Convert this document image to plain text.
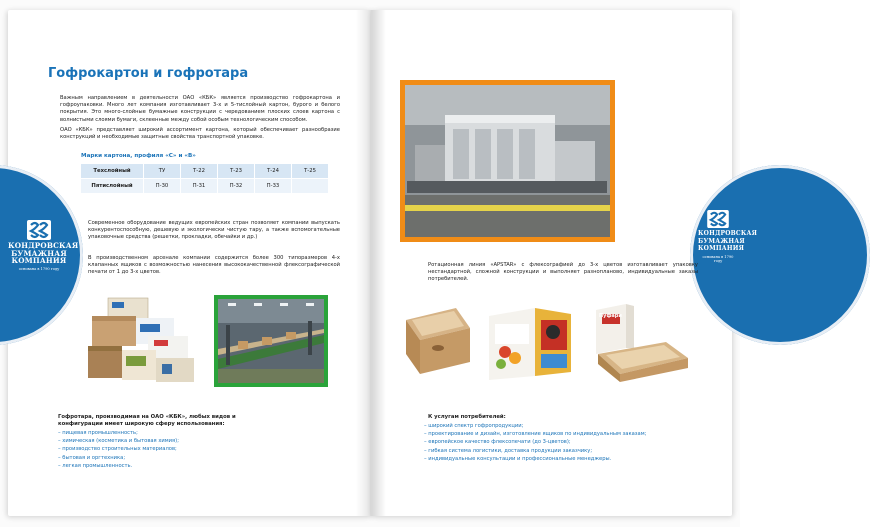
КОНДРОВСКАЯ
БУМАЖНАЯ
КОМПАНИЯ
основана в 1790 году
КОНДРОВСКАЯ
БУМАЖНАЯ
КОМПАНИЯ
основана в 1790 году
Гофрокартон и гофротара

Важным направлением в деятельности ОАО «КБК» является производство гофрокартона и гофроупаковки. Много лет компания изготавливает 3-х и 5-тислойный картон, бурого и белого покрытия. Это много-слойные бумажные конструкции с чередованием плоских слоев картона с волнистыми слоями бумаги, склеенные между собой особым технологическим способом.

ОАО «КБК» представляет широкий ассортимент картона, который обеспечивает разнообразие конструкций и необходимые защитные свойства транспортной упаковке.

Марки картона, профиля «С» и «В»
Техслойный	ТУ	Т-22	Т-23	Т-24	Т-25
Пятислойный	П-30	П-31	П-32	П-33	

Современное оборудование ведущих европейских стран позволяет компании выпускать конкурентоспособную, дешевую и экологически чистую тару, а также вспомогательные упаковочные средства (решетки, прокладки, обечайки и др.)

В производственном арсенале компании содержится более 300 типоразмеров 4-х клапанных ящиков с возможностью нанесения высококачественной флексографической печати от 1 до 3-х цветов.

Гофротара, производимая на ОАО «КБК», любых видов и конфигурации имеет широкую сферу использования:

– пищевая промышленность;
– химическая (косметика и бытовая химия);
– производство строительных материалов;
– бытовая и оргтехника;
– легкая промышленность.

Ротационная линия «APSTAR» с флексографией до 3-х цветов изготавливает упаковку нестандартной, сложной конструкции и выполняет разнопланово, индивидуальные заказы потребителей.

Пуфари

К услугам потребителей:

– широкий спектр гофропродукции;
– проектирование и дизайн, изготовление ящиков по индивидуальным заказам;
– европейское качество флексопечати (до 3-цветов);
– гибкая система логистики, доставка продукции заказчику;
– индивидуальные консультации и профессиональные менеджеры.
